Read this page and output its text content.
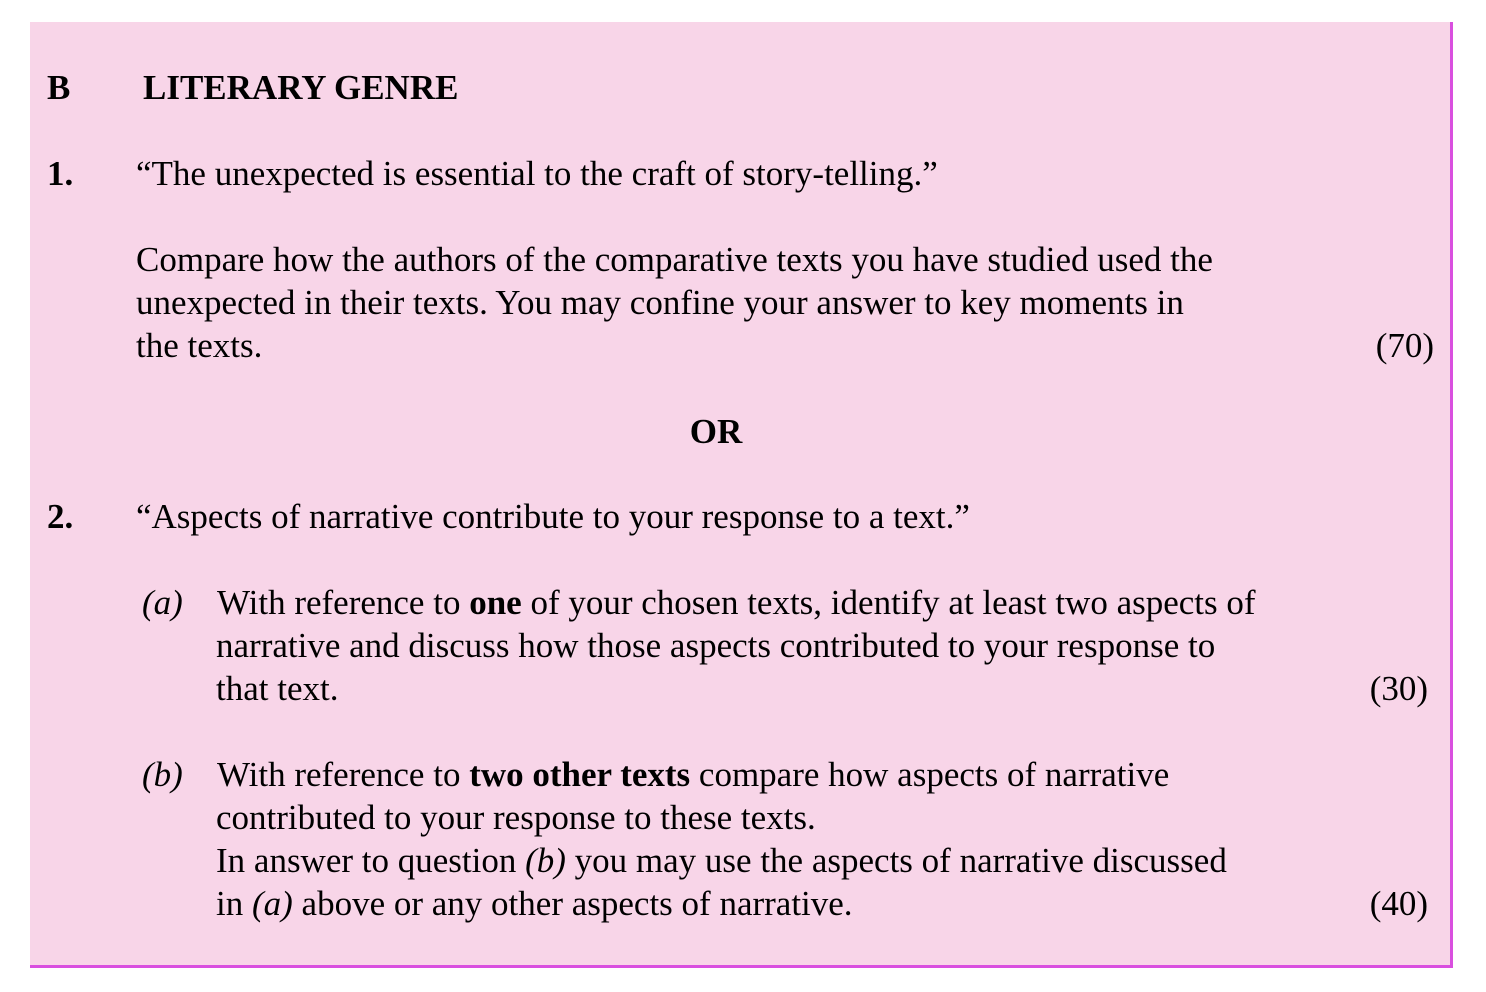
B LITERARY GENRE
1. “The unexpected is essential to the craft of story-telling.”
Compare how the authors of the comparative texts you have studied used the
unexpected in their texts. You may confine your answer to key moments in
the texts.	(70)
OR
2. “Aspects of narrative contribute to your response to a text.”
(a) With reference to one of your chosen texts, identify at least two aspects of
narrative and discuss how those aspects contributed to your response to
that text.	(30)
(b) With reference to two other texts compare how aspects of narrative
contributed to your response to these texts.
In answer to question (b) you may use the aspects of narrative discussed
in (a) above or any other aspects of narrative.	(40)
